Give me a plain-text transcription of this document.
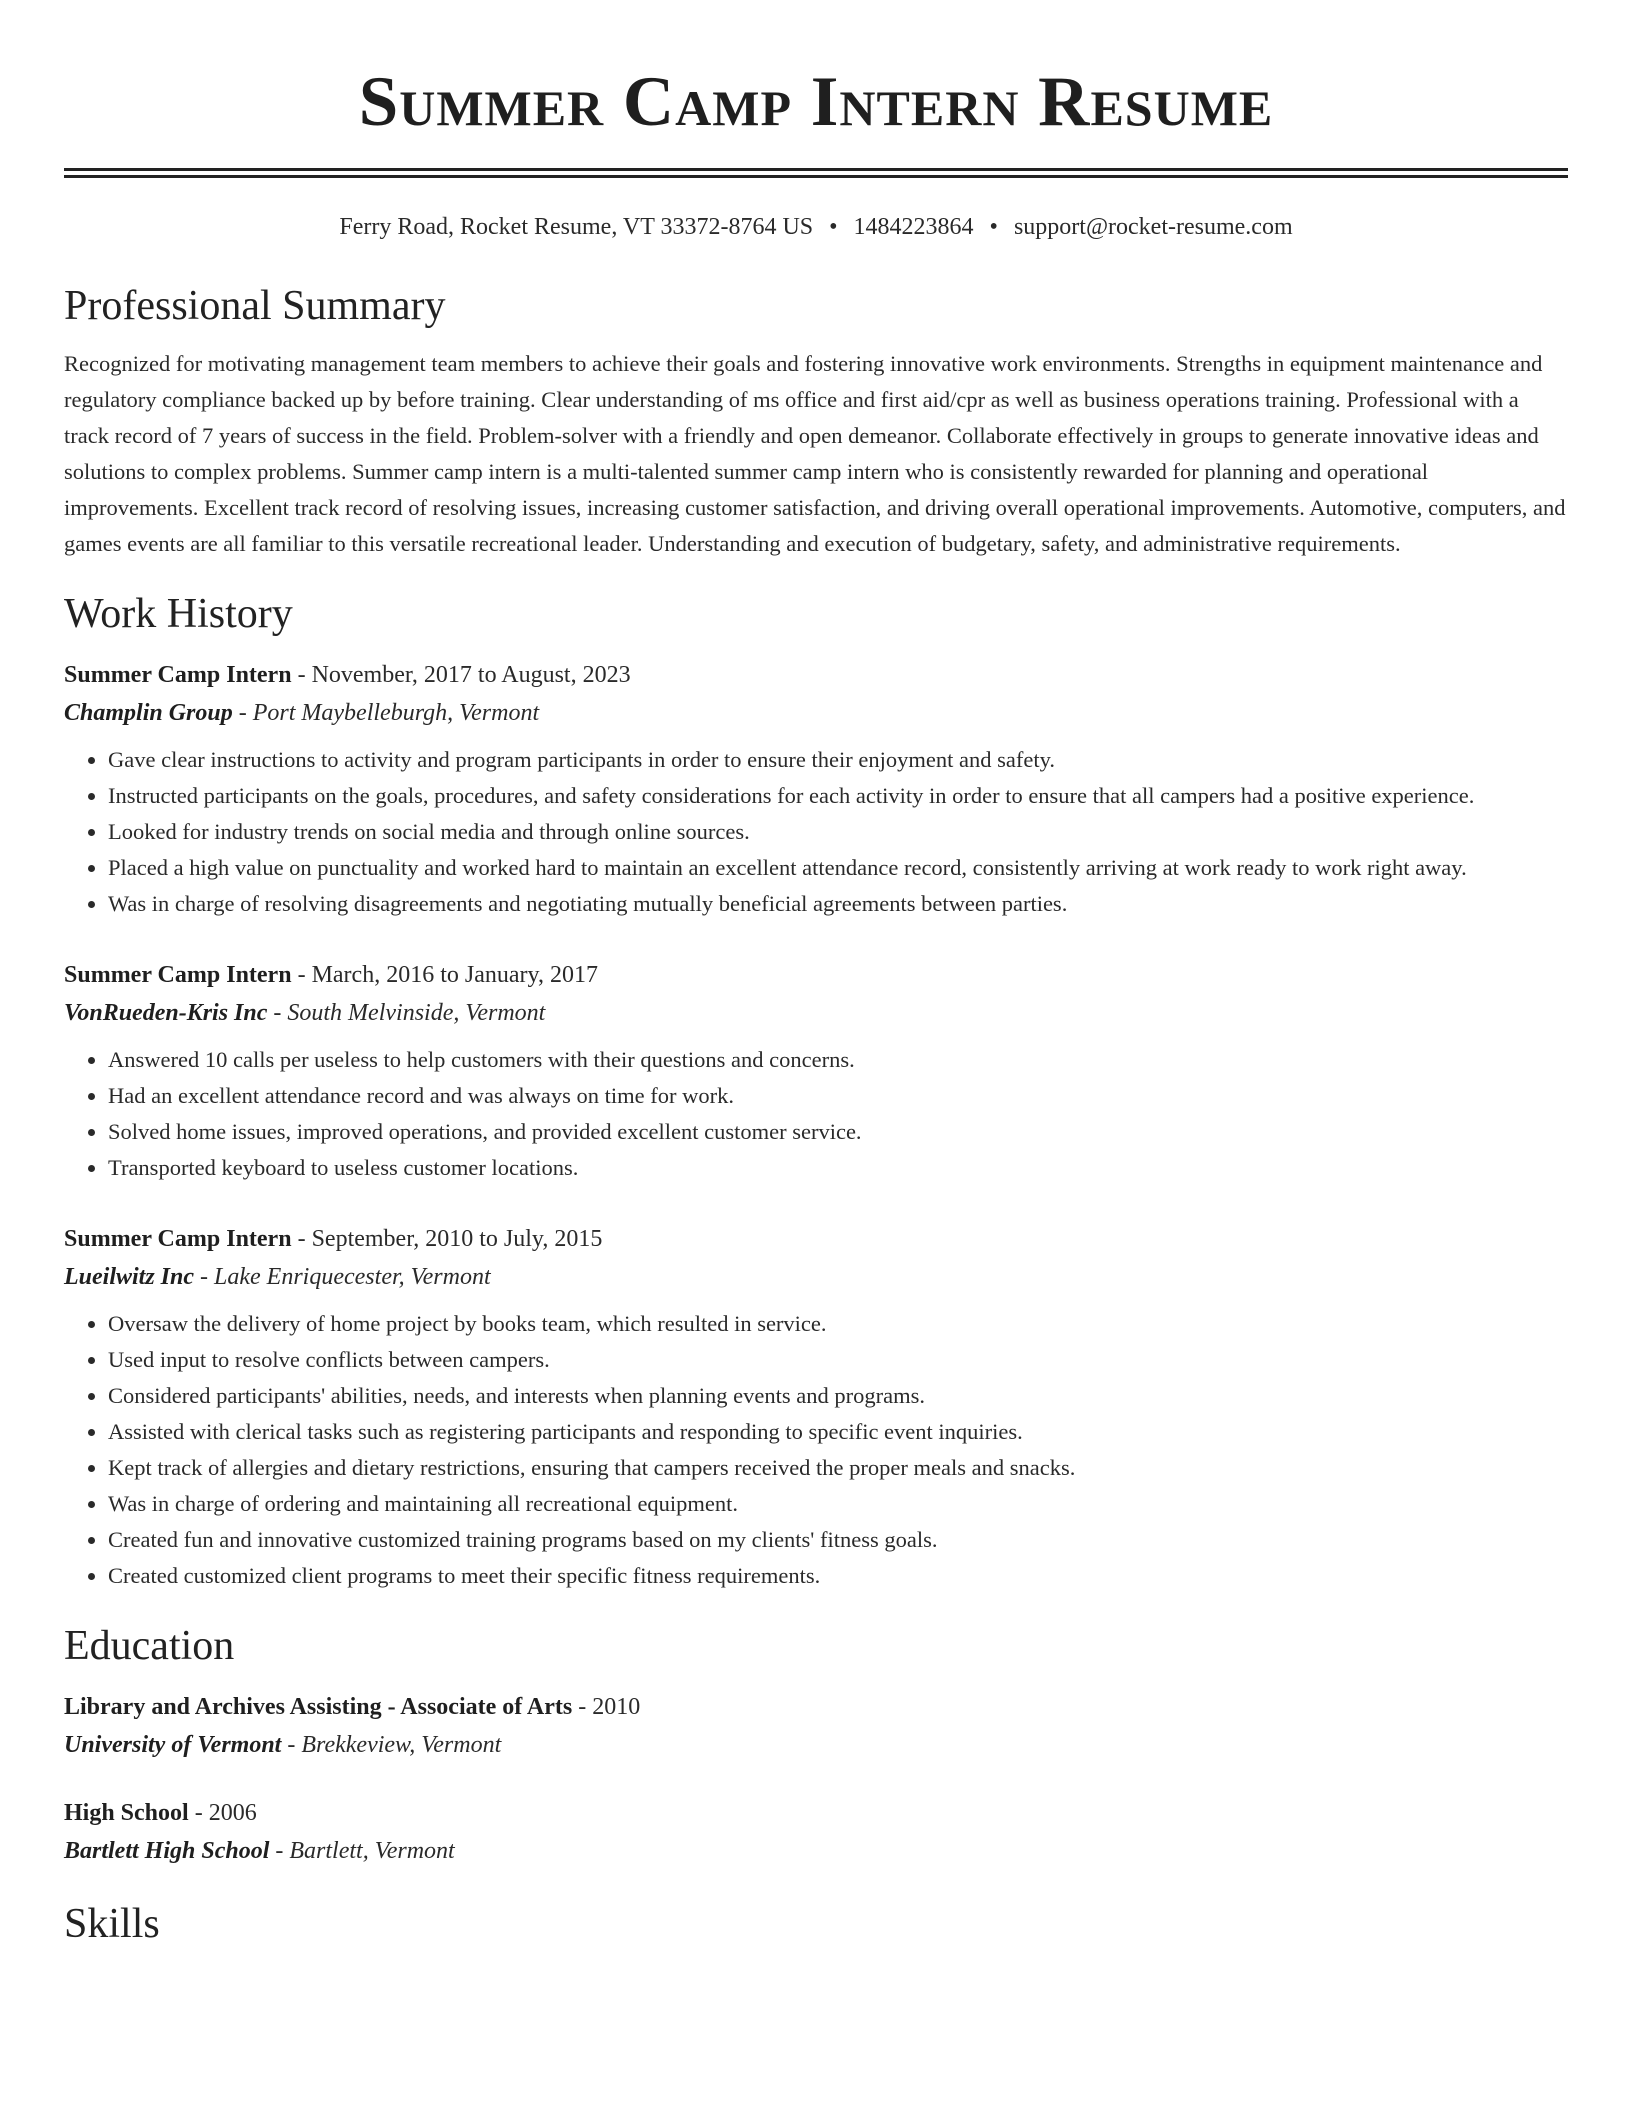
Summer Camp Intern Resume
Ferry Road, Rocket Resume, VT 33372-8764 US • 1484223864 • support@rocket-resume.com
Professional Summary
Recognized for motivating management team members to achieve their goals and fostering innovative work environments. Strengths in equipment maintenance and regulatory compliance backed up by before training. Clear understanding of ms office and first aid/cpr as well as business operations training. Professional with a track record of 7 years of success in the field. Problem-solver with a friendly and open demeanor. Collaborate effectively in groups to generate innovative ideas and solutions to complex problems. Summer camp intern is a multi-talented summer camp intern who is consistently rewarded for planning and operational improvements. Excellent track record of resolving issues, increasing customer satisfaction, and driving overall operational improvements. Automotive, computers, and games events are all familiar to this versatile recreational leader. Understanding and execution of budgetary, safety, and administrative requirements.
Work History
Summer Camp Intern - November, 2017 to August, 2023
Champlin Group - Port Maybelleburgh, Vermont
• Gave clear instructions to activity and program participants in order to ensure their enjoyment and safety.
• Instructed participants on the goals, procedures, and safety considerations for each activity in order to ensure that all campers had a positive experience.
• Looked for industry trends on social media and through online sources.
• Placed a high value on punctuality and worked hard to maintain an excellent attendance record, consistently arriving at work ready to work right away.
• Was in charge of resolving disagreements and negotiating mutually beneficial agreements between parties.
Summer Camp Intern - March, 2016 to January, 2017
VonRueden-Kris Inc - South Melvinside, Vermont
• Answered 10 calls per useless to help customers with their questions and concerns.
• Had an excellent attendance record and was always on time for work.
• Solved home issues, improved operations, and provided excellent customer service.
• Transported keyboard to useless customer locations.
Summer Camp Intern - September, 2010 to July, 2015
Lueilwitz Inc - Lake Enriquecester, Vermont
• Oversaw the delivery of home project by books team, which resulted in service.
• Used input to resolve conflicts between campers.
• Considered participants' abilities, needs, and interests when planning events and programs.
• Assisted with clerical tasks such as registering participants and responding to specific event inquiries.
• Kept track of allergies and dietary restrictions, ensuring that campers received the proper meals and snacks.
• Was in charge of ordering and maintaining all recreational equipment.
• Created fun and innovative customized training programs based on my clients' fitness goals.
• Created customized client programs to meet their specific fitness requirements.
Education
Library and Archives Assisting - Associate of Arts - 2010
University of Vermont - Brekkeview, Vermont
High School - 2006
Bartlett High School - Bartlett, Vermont
Skills
